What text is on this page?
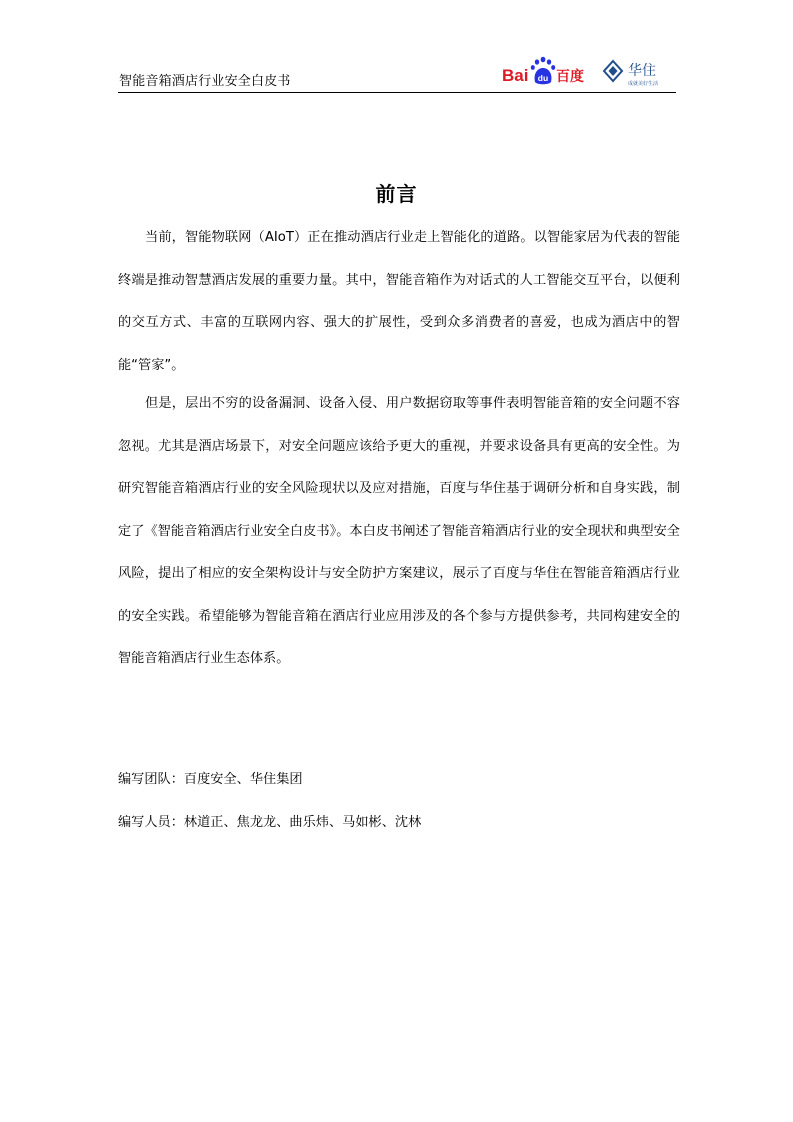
智能音箱酒店行业安全白皮书	Bai du 百度	华住
成就美好生活
前言

当前，智能物联网（AIoT）正在推动酒店行业走上智能化的道路。以智能家居为代表的智能终端是推动智慧酒店发展的重要力量。其中，智能音箱作为对话式的人工智能交互平台，以便利的交互方式、丰富的互联网内容、强大的扩展性，受到众多消费者的喜爱，也成为酒店中的智能“管家”。

但是，层出不穷的设备漏洞、设备入侵、用户数据窃取等事件表明智能音箱的安全问题不容忽视。尤其是酒店场景下，对安全问题应该给予更大的重视，并要求设备具有更高的安全性。为研究智能音箱酒店行业的安全风险现状以及应对措施，百度与华住基于调研分析和自身实践，制定了《智能音箱酒店行业安全白皮书》。本白皮书阐述了智能音箱酒店行业的安全现状和典型安全风险，提出了相应的安全架构设计与安全防护方案建议，展示了百度与华住在智能音箱酒店行业的安全实践。希望能够为智能音箱在酒店行业应用涉及的各个参与方提供参考，共同构建安全的智能音箱酒店行业生态体系。

编写团队：百度安全、华住集团
编写人员：林道正、焦龙龙、曲乐炜、马如彬、沈林
